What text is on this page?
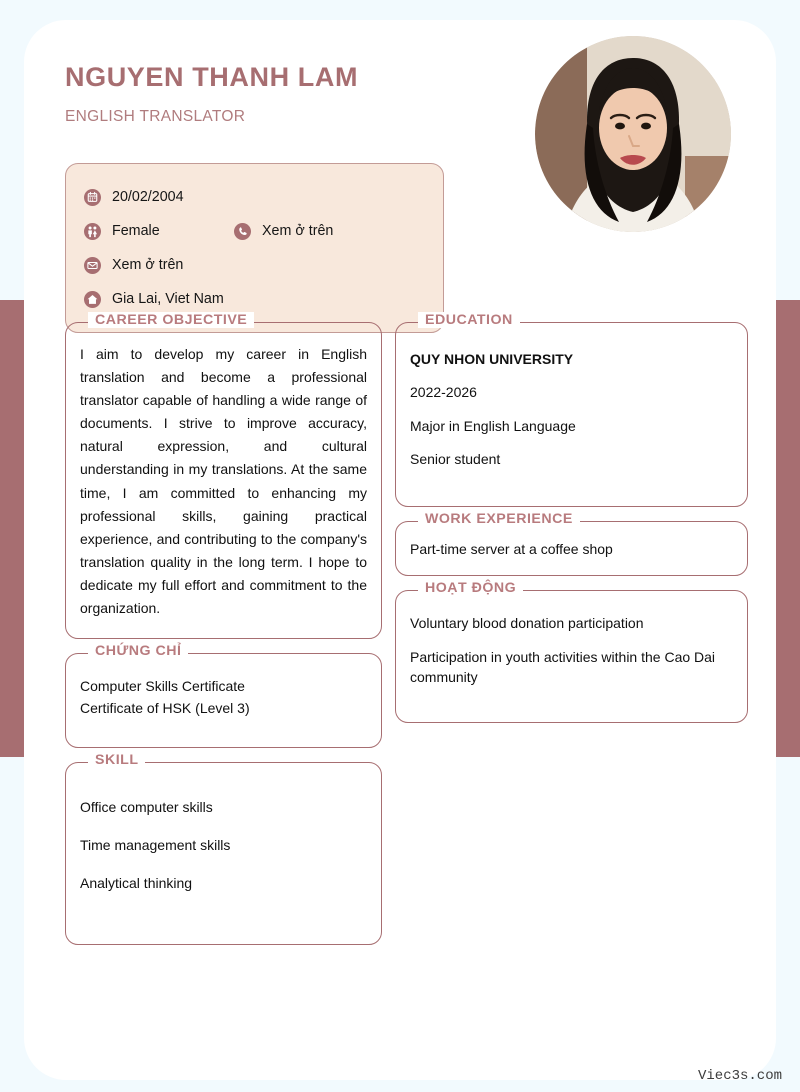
NGUYEN THANH LAM
ENGLISH TRANSLATOR
20/02/2004
Female	Xem ở trên
Xem ở trên
Gia Lai, Viet Nam
CAREER OBJECTIVE
I aim to develop my career in English translation and become a professional translator capable of handling a wide range of documents. I strive to improve accuracy, natural expression, and cultural understanding in my translations. At the same time, I am committed to enhancing my professional skills, gaining practical experience, and contributing to the company's translation quality in the long term. I hope to dedicate my full effort and commitment to the organization.
CHỨNG CHỈ
Computer Skills Certificate
Certificate of HSK (Level 3)
SKILL
Office computer skills
Time management skills
Analytical thinking
EDUCATION
QUY NHON UNIVERSITY
2022-2026
Major in English Language
Senior student
WORK EXPERIENCE
Part-time server at a coffee shop
HOẠT ĐỘNG
Voluntary blood donation participation
Participation in youth activities within the Cao Dai community
Viec3s.com
